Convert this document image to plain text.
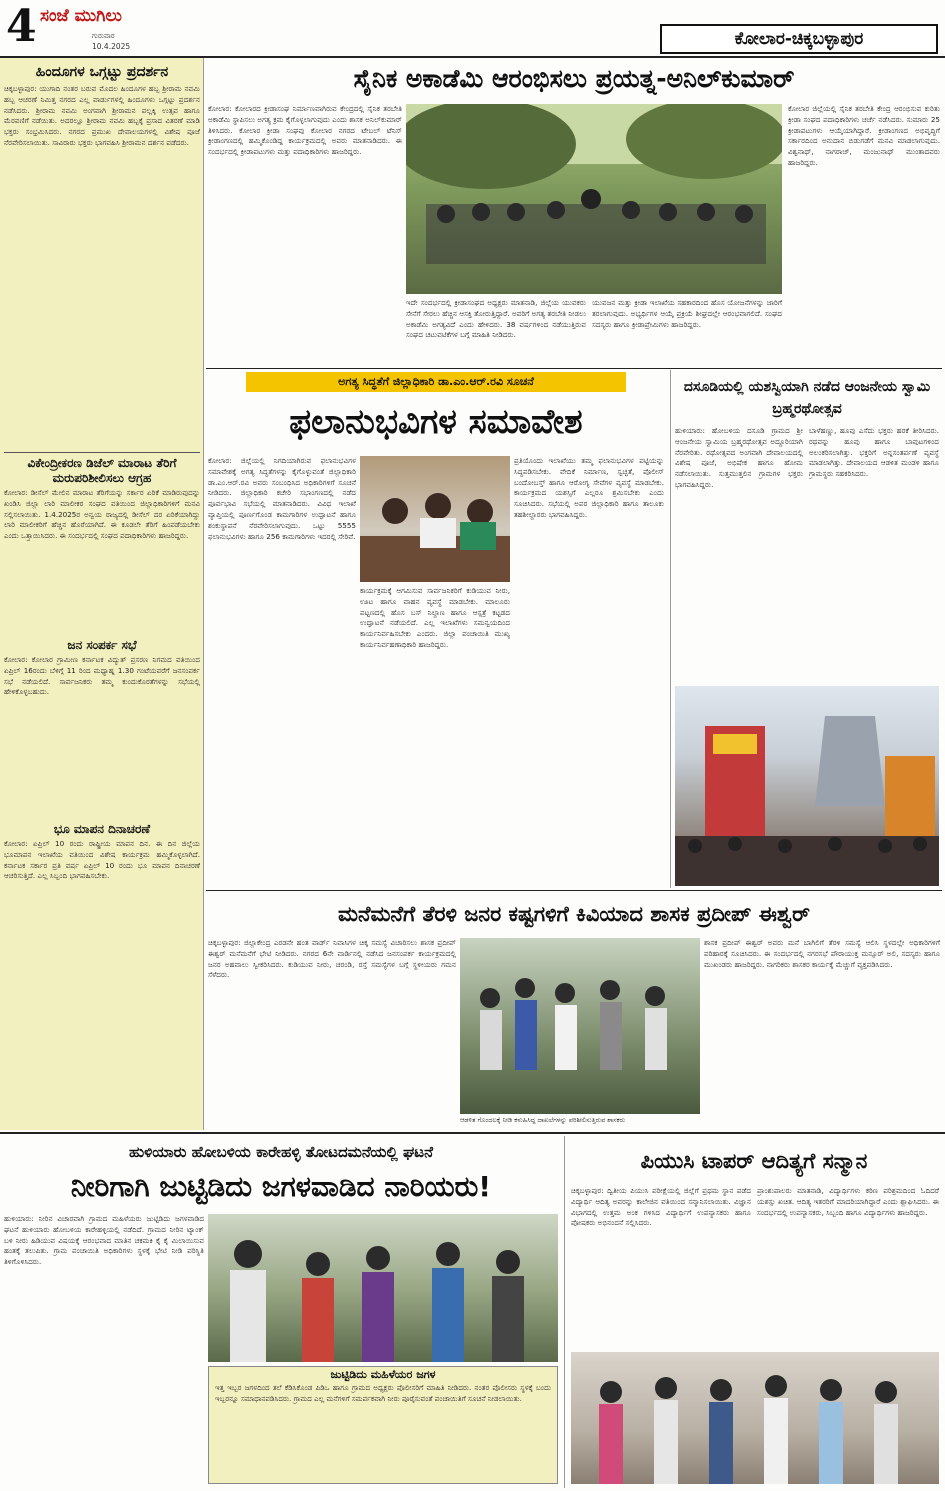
4 ಸಂಜೆ ಮುಗಿಲು
ಗುರುವಾರ
10.4.2025	ಕೋಲಾರ-ಚಿಕ್ಕಬಳ್ಳಾಪುರ
ಹಿಂದೂಗಳ ಒಗ್ಗಟ್ಟು ಪ್ರದರ್ಶನ
ಚಿಕ್ಕಬಳ್ಳಾಪುರ: ಯುಗಾದಿ ನಂತರ ಬರುವ ಮೊದಲ ಹಿಂದೂಗಳ ಹಬ್ಬ ಶ್ರೀರಾಮ ನವಮಿ ಹಬ್ಬ ಆಚರಣೆ ನಿಮಿತ್ತ ನಗರದ ಎಲ್ಲ ವಾರ್ಡುಗಳಲ್ಲಿ ಹಿಂದೂಗಳು ಒಗ್ಗಟ್ಟು ಪ್ರದರ್ಶನ ನಡೆಸಿದರು. ಶ್ರೀರಾಮ ನವಮಿ ಅಂಗವಾಗಿ ಶ್ರೀರಾಮನ ಪಲ್ಲಕ್ಕಿ ಉತ್ಸವ ಹಾಗೂ ಮೆರವಣಿಗೆ ನಡೆಯಿತು. ಅದರಲ್ಲೂ ಶ್ರೀರಾಮ ನವಮಿ ಹಬ್ಬಕ್ಕೆ ಪ್ರಸಾದ ವಿತರಣೆ ಮಾಡಿ ಭಕ್ತರು ಸಂಭ್ರಮಿಸಿದರು. ನಗರದ ಪ್ರಮುಖ ದೇವಾಲಯಗಳಲ್ಲಿ ವಿಶೇಷ ಪೂಜೆ ನೆರವೇರಿಸಲಾಯಿತು. ಸಾವಿರಾರು ಭಕ್ತರು ಭಾಗವಹಿಸಿ ಶ್ರೀರಾಮನ ದರ್ಶನ ಪಡೆದರು.
ವಿಕೇಂದ್ರೀಕರಣ ಡಿಜೆಲ್ ಮಾರಾಟ ತೆರಿಗೆ ಮರುಪರಿಶೀಲಿಸಲು ಆಗ್ರಹ
ಕೋಲಾರ: ಡೀಸೆಲ್ ಮೇಲಿನ ಮಾರಾಟ ತೆರಿಗೆಯನ್ನು ಸರ್ಕಾರ ಏರಿಕೆ ಮಾಡಿರುವುದನ್ನು ಖಂಡಿಸಿ ಜಿಲ್ಲಾ ಲಾರಿ ಮಾಲೀಕರ ಸಂಘದ ವತಿಯಿಂದ ಜಿಲ್ಲಾಧಿಕಾರಿಗಳಿಗೆ ಮನವಿ ಸಲ್ಲಿಸಲಾಯಿತು. 1.4.2025ರ ಅನ್ವಯ ರಾಜ್ಯದಲ್ಲಿ ಡೀಸೆಲ್ ದರ ಏರಿಕೆಯಾಗಿದ್ದು ಲಾರಿ ಮಾಲೀಕರಿಗೆ ಹೆಚ್ಚಿನ ಹೊರೆಯಾಗಿದೆ. ಈ ಕೂಡಲೇ ತೆರಿಗೆ ಹಿಂಪಡೆಯಬೇಕು ಎಂದು ಒತ್ತಾಯಿಸಿದರು. ಈ ಸಂದರ್ಭದಲ್ಲಿ ಸಂಘದ ಪದಾಧಿಕಾರಿಗಳು ಹಾಜರಿದ್ದರು.
ಜನ ಸಂಪರ್ಕ ಸಭೆ
ಕೋಲಾರ: ಕೋಲಾರ ಗ್ರಾಮೀಣ ಕರ್ನಾಟಕ ವಿದ್ಯುತ್ ಪ್ರಸರಣ ನಿಗಮದ ವತಿಯಿಂದ ಏಪ್ರಿಲ್ 16ರಂದು ಬೆಳಿಗ್ಗೆ 11 ರಿಂದ ಮಧ್ಯಾಹ್ನ 1.30 ಗಂಟೆಯವರೆಗೆ ಜನಸಂಪರ್ಕ ಸಭೆ ನಡೆಯಲಿದೆ. ಸಾರ್ವಜನಿಕರು ತಮ್ಮ ಕುಂದುಕೊರತೆಗಳನ್ನು ಸಭೆಯಲ್ಲಿ ಹೇಳಿಕೊಳ್ಳಬಹುದು.
ಭೂ ಮಾಪನ ದಿನಾಚರಣೆ
ಕೋಲಾರ: ಏಪ್ರಿಲ್ 10 ರಂದು ರಾಷ್ಟ್ರೀಯ ಮಾಪನ ದಿನ. ಈ ದಿನ ಜಿಲ್ಲೆಯ ಭೂಮಾಪನ ಇಲಾಖೆಯ ವತಿಯಿಂದ ವಿಶೇಷ ಕಾರ್ಯಕ್ರಮ ಹಮ್ಮಿಕೊಳ್ಳಲಾಗಿದೆ. ಕರ್ನಾಟಕ ಸರ್ಕಾರ ಪ್ರತಿ ವರ್ಷ ಏಪ್ರಿಲ್ 10 ರಂದು ಭೂ ಮಾಪನ ದಿನಾಚರಣೆ ಆಚರಿಸುತ್ತಿದೆ. ಎಲ್ಲ ಸಿಬ್ಬಂದಿ ಭಾಗವಹಿಸಬೇಕು.
ಸೈನಿಕ ಅಕಾಡೆಮಿ ಆರಂಭಿಸಲು ಪ್ರಯತ್ನ-ಅನಿಲ್‌ಕುಮಾರ್
ಕೋಲಾರ: ಕೋಲಾರದ ಕ್ರೀಡಾಸಂಘ ನಿರ್ಮಾಣವಾಗಿರುವ ಕೇಂದ್ರದಲ್ಲಿ ಸೈನಿಕ ತರಬೇತಿ ಅಕಾಡೆಮಿ ಸ್ಥಾಪಿಸಲು ಅಗತ್ಯ ಕ್ರಮ ಕೈಗೊಳ್ಳಲಾಗುವುದು ಎಂದು ಶಾಸಕ ಅನಿಲ್‌ಕುಮಾರ್ ತಿಳಿಸಿದರು. ಕೋಲಾರ ಕ್ರೀಡಾ ಸಂಘವು ಕೋಲಾರ ನಗರದ ಟೇಬಲ್ ಟೆನಿಸ್ ಕ್ರೀಡಾಂಗಣದಲ್ಲಿ ಹಮ್ಮಿಕೊಂಡಿದ್ದ ಕಾರ್ಯಕ್ರಮದಲ್ಲಿ ಅವರು ಮಾತನಾಡಿದರು. ಈ ಸಂದರ್ಭದಲ್ಲಿ ಕ್ರೀಡಾಪಟುಗಳು ಮತ್ತು ಪದಾಧಿಕಾರಿಗಳು ಹಾಜರಿದ್ದರು.
ಇದೇ ಸಂದರ್ಭದಲ್ಲಿ ಕ್ರೀಡಾಸಂಘದ ಅಧ್ಯಕ್ಷರು ಮಾತನಾಡಿ, ಜಿಲ್ಲೆಯ ಯುವಕರು ಸೇನೆಗೆ ಸೇರಲು ಹೆಚ್ಚಿನ ಆಸಕ್ತಿ ತೋರುತ್ತಿದ್ದಾರೆ. ಅವರಿಗೆ ಅಗತ್ಯ ತರಬೇತಿ ನೀಡಲು ಅಕಾಡೆಮಿ ಅಗತ್ಯವಿದೆ ಎಂದು ಹೇಳಿದರು. 38 ವರ್ಷಗಳಿಂದ ನಡೆಯುತ್ತಿರುವ ಸಂಘದ ಚಟುವಟಿಕೆಗಳ ಬಗ್ಗೆ ಮಾಹಿತಿ ನೀಡಿದರು.
ಯುವಜನ ಮತ್ತು ಕ್ರೀಡಾ ಇಲಾಖೆಯ ಸಹಕಾರದಿಂದ ಹೊಸ ಯೋಜನೆಗಳನ್ನು ಜಾರಿಗೆ ತರಲಾಗುವುದು. ಅಭ್ಯರ್ಥಿಗಳ ಆಯ್ಕೆ ಪ್ರಕ್ರಿಯೆ ಶೀಘ್ರದಲ್ಲೇ ಆರಂಭವಾಗಲಿದೆ. ಸಂಘದ ಸದಸ್ಯರು ಹಾಗೂ ಕ್ರೀಡಾಪ್ರೇಮಿಗಳು ಹಾಜರಿದ್ದರು.
ಕೋಲಾರ ಜಿಲ್ಲೆಯಲ್ಲಿ ಸೈನಿಕ ತರಬೇತಿ ಕೇಂದ್ರ ಆರಂಭಿಸುವ ಕುರಿತು ಕ್ರೀಡಾ ಸಂಘದ ಪದಾಧಿಕಾರಿಗಳು ಚರ್ಚೆ ನಡೆಸಿದರು. ಸುಮಾರು 25 ಕ್ರೀಡಾಪಟುಗಳು ಆಯ್ಕೆಯಾಗಿದ್ದಾರೆ. ಕ್ರೀಡಾಂಗಣದ ಅಭಿವೃದ್ಧಿಗೆ ಸರ್ಕಾರದಿಂದ ಅನುದಾನ ಬಿಡುಗಡೆಗೆ ಮನವಿ ಮಾಡಲಾಗುವುದು. ವಿಶ್ವನಾಥ್, ನಾಗರಾಜ್, ಮಂಜುನಾಥ್ ಮುಂತಾದವರು ಹಾಜರಿದ್ದರು.
ಅಗತ್ಯ ಸಿದ್ಧತೆಗೆ ಜಿಲ್ಲಾಧಿಕಾರಿ ಡಾ.ಎಂ.ಆರ್.ರವಿ ಸೂಚನೆ
ಫಲಾನುಭವಿಗಳ ಸಮಾವೇಶ
ಕೋಲಾರ: ಜಿಲ್ಲೆಯಲ್ಲಿ ನಿಗದಿಯಾಗಿರುವ ಫಲಾನುಭವಿಗಳ ಸಮಾವೇಶಕ್ಕೆ ಅಗತ್ಯ ಸಿದ್ಧತೆಗಳನ್ನು ಕೈಗೊಳ್ಳುವಂತೆ ಜಿಲ್ಲಾಧಿಕಾರಿ ಡಾ.ಎಂ.ಆರ್.ರವಿ ಅವರು ಸಂಬಂಧಿಸಿದ ಅಧಿಕಾರಿಗಳಿಗೆ ಸೂಚನೆ ನೀಡಿದರು. ಜಿಲ್ಲಾಧಿಕಾರಿ ಕಚೇರಿ ಸಭಾಂಗಣದಲ್ಲಿ ನಡೆದ ಪೂರ್ವಭಾವಿ ಸಭೆಯಲ್ಲಿ ಮಾತನಾಡಿದರು. ವಿವಿಧ ಇಲಾಖೆ ವ್ಯಾಪ್ತಿಯಲ್ಲಿ ಪೂರ್ಣಗೊಂಡ ಕಾಮಗಾರಿಗಳ ಉದ್ಘಾಟನೆ ಹಾಗೂ ಶಂಕುಸ್ಥಾಪನೆ ನೆರವೇರಿಸಲಾಗುವುದು. ಒಟ್ಟು 5555 ಫಲಾನುಭವಿಗಳು ಹಾಗೂ 256 ಕಾಮಗಾರಿಗಳು ಇದರಲ್ಲಿ ಸೇರಿವೆ.
ಕಾರ್ಯಕ್ರಮಕ್ಕೆ ಆಗಮಿಸುವ ಸಾರ್ವಜನಿಕರಿಗೆ ಕುಡಿಯುವ ನೀರು, ಊಟ ಹಾಗೂ ವಾಹನ ವ್ಯವಸ್ಥೆ ಮಾಡಬೇಕು. ಮಾಲೂರು ಪಟ್ಟಣದಲ್ಲಿ ಹೊಸ ಬಸ್ ನಿಲ್ದಾಣ ಹಾಗೂ ಆಸ್ಪತ್ರೆ ಕಟ್ಟಡದ ಉದ್ಘಾಟನೆ ನಡೆಯಲಿದೆ. ಎಲ್ಲ ಇಲಾಖೆಗಳು ಸಮನ್ವಯದಿಂದ ಕಾರ್ಯನಿರ್ವಹಿಸಬೇಕು ಎಂದರು. ಜಿಲ್ಲಾ ಪಂಚಾಯಿತಿ ಮುಖ್ಯ ಕಾರ್ಯನಿರ್ವಹಣಾಧಿಕಾರಿ ಹಾಜರಿದ್ದರು.
ಪ್ರತಿಯೊಂದು ಇಲಾಖೆಯು ತಮ್ಮ ಫಲಾನುಭವಿಗಳ ಪಟ್ಟಿಯನ್ನು ಸಿದ್ಧಪಡಿಸಬೇಕು. ವೇದಿಕೆ ನಿರ್ಮಾಣ, ಸ್ವಚ್ಛತೆ, ಪೊಲೀಸ್ ಬಂದೋಬಸ್ತ್ ಹಾಗೂ ಆರೋಗ್ಯ ಸೇವೆಗಳ ವ್ಯವಸ್ಥೆ ಮಾಡಬೇಕು. ಕಾರ್ಯಕ್ರಮದ ಯಶಸ್ಸಿಗೆ ಎಲ್ಲರೂ ಶ್ರಮಿಸಬೇಕು ಎಂದು ಸೂಚಿಸಿದರು. ಸಭೆಯಲ್ಲಿ ಅಪರ ಜಿಲ್ಲಾಧಿಕಾರಿ ಹಾಗೂ ತಾಲೂಕು ತಹಶೀಲ್ದಾರರು ಭಾಗವಹಿಸಿದ್ದರು.
ದಸೂಡಿಯಲ್ಲಿ ಯಶಸ್ವಿಯಾಗಿ ನಡೆದ ಆಂಜನೇಯ ಸ್ವಾಮಿ ಬ್ರಹ್ಮರಥೋತ್ಸವ
ಹುಳಿಯಾರು: ಹೋಬಳಿಯ ದಸೂಡಿ ಗ್ರಾಮದ ಶ್ರೀ ಆಂಜನೇಯ ಸ್ವಾಮಿಯ ಬ್ರಹ್ಮರಥೋತ್ಸವ ಅದ್ದೂರಿಯಾಗಿ ನೆರವೇರಿತು. ರಥೋತ್ಸವದ ಅಂಗವಾಗಿ ದೇವಾಲಯದಲ್ಲಿ ವಿಶೇಷ ಪೂಜೆ, ಅಭಿಷೇಕ ಹಾಗೂ ಹೋಮ ನಡೆಸಲಾಯಿತು. ಸುತ್ತಮುತ್ತಲಿನ ಗ್ರಾಮಗಳ ಭಕ್ತರು ಭಾಗವಹಿಸಿದ್ದರು.
ಬಾಳೆಹಣ್ಣು, ಹೂವು ಎಸೆದು ಭಕ್ತರು ಹರಕೆ ತೀರಿಸಿದರು. ರಥವನ್ನು ಹೂವು ಹಾಗೂ ಬಾವುಟಗಳಿಂದ ಅಲಂಕರಿಸಲಾಗಿತ್ತು. ಭಕ್ತರಿಗೆ ಅನ್ನಸಂತರ್ಪಣೆ ವ್ಯವಸ್ಥೆ ಮಾಡಲಾಗಿತ್ತು. ದೇವಾಲಯದ ಆಡಳಿತ ಮಂಡಳಿ ಹಾಗೂ ಗ್ರಾಮಸ್ಥರು ಸಹಕರಿಸಿದರು.
ಮನೆಮನೆಗೆ ತೆರಳಿ ಜನರ ಕಷ್ಟಗಳಿಗೆ ಕಿವಿಯಾದ ಶಾಸಕ ಪ್ರದೀಪ್ ಈಶ್ವರ್
ಚಿಕ್ಕಬಳ್ಳಾಪುರ: ಜಿಲ್ಲಾಕೇಂದ್ರ ಎರಡನೇ ಹಂತ ವಾರ್ಡ್ ನಿವಾಸಿಗಳ ಚಿಕ್ಕ ಸಮಸ್ಯೆ ವಿಚಾರಿಸಲು ಶಾಸಕ ಪ್ರದೀಪ್ ಈಶ್ವರ್ ಮನೆಮನೆಗೆ ಭೇಟಿ ನೀಡಿದರು. ನಗರದ 6ನೇ ವಾರ್ಡಿನಲ್ಲಿ ನಡೆಸಿದ ಜನಸಂಪರ್ಕ ಕಾರ್ಯಕ್ರಮದಲ್ಲಿ ಜನರ ಅಹವಾಲು ಸ್ವೀಕರಿಸಿದರು. ಕುಡಿಯುವ ನೀರು, ಚರಂಡಿ, ರಸ್ತೆ ಸಮಸ್ಯೆಗಳ ಬಗ್ಗೆ ಸ್ಥಳೀಯರು ಗಮನ ಸೆಳೆದರು.
ಆಡಳಿತ ಗೊಂದಲಕ್ಕೆ ನೀಡಿ ಕಳುಹಿಸಿದ್ದ ದಾಖಲೆಗಳನ್ನು ಪರಿಶೀಲಿಸುತ್ತಿರುವ ಶಾಸಕರು
ಶಾಸಕ ಪ್ರದೀಪ್ ಈಶ್ವರ್ ಅವರು ಮನೆ ಬಾಗಿಲಿಗೆ ತೆರಳಿ ಸಮಸ್ಯೆ ಆಲಿಸಿ ಸ್ಥಳದಲ್ಲೇ ಅಧಿಕಾರಿಗಳಿಗೆ ಪರಿಹಾರಕ್ಕೆ ಸೂಚಿಸಿದರು. ಈ ಸಂದರ್ಭದಲ್ಲಿ ನಗರಸಭೆ ಪೌರಾಯುಕ್ತ ಮನ್ಸೂರ್ ಅಲಿ, ಸದಸ್ಯರು ಹಾಗೂ ಮುಖಂಡರು ಹಾಜರಿದ್ದರು. ನಾಗರಿಕರು ಶಾಸಕರ ಕಾರ್ಯಕ್ಕೆ ಮೆಚ್ಚುಗೆ ವ್ಯಕ್ತಪಡಿಸಿದರು.
ಹುಳಿಯಾರು ಹೋಬಳಿಯ ಕಾರೇಹಳ್ಳಿ ತೋಟದಮನೆಯಲ್ಲಿ ಘಟನೆ
ನೀರಿಗಾಗಿ ಜುಟ್ಟಿಡಿದು ಜಗಳವಾಡಿದ ನಾರಿಯರು!
ಹುಳಿಯಾರು: ನೀರಿನ ವಿಚಾರವಾಗಿ ಗ್ರಾಮದ ಮಹಿಳೆಯರು ಜುಟ್ಟಿಡಿದು ಜಗಳವಾಡಿದ ಘಟನೆ ಹುಳಿಯಾರು ಹೋಬಳಿಯ ಕಾರೇಹಳ್ಳಿಯಲ್ಲಿ ನಡೆದಿದೆ. ಗ್ರಾಮದ ನೀರಿನ ಟ್ಯಾಂಕ್ ಬಳಿ ನೀರು ಹಿಡಿಯುವ ವಿಷಯಕ್ಕೆ ಆರಂಭವಾದ ಮಾತಿನ ಚಕಮಕಿ ಕೈ ಕೈ ಮಿಲಾಯಿಸುವ ಹಂತಕ್ಕೆ ತಲುಪಿತು. ಗ್ರಾಮ ಪಂಚಾಯಿತಿ ಅಧಿಕಾರಿಗಳು ಸ್ಥಳಕ್ಕೆ ಭೇಟಿ ನೀಡಿ ಪರಿಸ್ಥಿತಿ ತಿಳಿಗೊಳಿಸಿದರು.
ಜುಟ್ಟಿಡಿದು ಮಹಿಳೆಯರ ಜಗಳ
ಇತ್ತ ಇಬ್ಬರ ಜಗಳದಿಂದ ತಲೆ ಕೆಡಿಸಿಕೊಂಡ ಪಿಡಿಒ ಹಾಗೂ ಗ್ರಾಮದ ಅಧ್ಯಕ್ಷರು ಪೊಲೀಸರಿಗೆ ಮಾಹಿತಿ ನೀಡಿದರು. ನಂತರ ಪೊಲೀಸರು ಸ್ಥಳಕ್ಕೆ ಬಂದು ಇಬ್ಬರನ್ನೂ ಸಮಾಧಾನಪಡಿಸಿದರು. ಗ್ರಾಮದ ಎಲ್ಲ ಮನೆಗಳಿಗೆ ಸಮರ್ಪಕವಾಗಿ ನೀರು ಪೂರೈಸುವಂತೆ ಪಂಚಾಯಿತಿಗೆ ಸೂಚನೆ ನೀಡಲಾಯಿತು.
ಪಿಯುಸಿ ಟಾಪರ್ ಆದಿತ್ಯಗೆ ಸನ್ಮಾನ
ಚಿಕ್ಕಬಳ್ಳಾಪುರ: ದ್ವಿತೀಯ ಪಿಯುಸಿ ಪರೀಕ್ಷೆಯಲ್ಲಿ ಜಿಲ್ಲೆಗೆ ಪ್ರಥಮ ಸ್ಥಾನ ಪಡೆದ ವಿದ್ಯಾರ್ಥಿ ಆದಿತ್ಯ ಅವರನ್ನು ಕಾಲೇಜಿನ ವತಿಯಿಂದ ಸನ್ಮಾನಿಸಲಾಯಿತು. ವಿಜ್ಞಾನ ವಿಭಾಗದಲ್ಲಿ ಉತ್ತಮ ಅಂಕ ಗಳಿಸಿದ ವಿದ್ಯಾರ್ಥಿಗೆ ಉಪನ್ಯಾಸಕರು ಹಾಗೂ ಪೋಷಕರು ಅಭಿನಂದನೆ ಸಲ್ಲಿಸಿದರು.
ಪ್ರಾಂಶುಪಾಲರು ಮಾತನಾಡಿ, ವಿದ್ಯಾರ್ಥಿಗಳು ಕಠಿಣ ಪರಿಶ್ರಮದಿಂದ ಓದಿದರೆ ಯಶಸ್ಸು ಖಚಿತ. ಆದಿತ್ಯ ಇತರರಿಗೆ ಮಾದರಿಯಾಗಿದ್ದಾರೆ ಎಂದು ಶ್ಲಾಘಿಸಿದರು. ಈ ಸಂದರ್ಭದಲ್ಲಿ ಉಪನ್ಯಾಸಕರು, ಸಿಬ್ಬಂದಿ ಹಾಗೂ ವಿದ್ಯಾರ್ಥಿಗಳು ಹಾಜರಿದ್ದರು.
